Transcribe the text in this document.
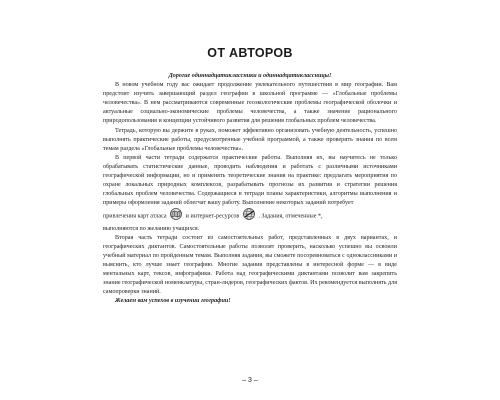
ОТ АВТОРОВ

Дорогие одиннадцатиклассники и одиннадцатиклассницы!

В новом учебном году вас ожидает продолжение увлекательного путешествия в мир географии. Вам предстоит изучить завершающий раздел географии в школьной программе — «Глобальные проблемы человечества». В нем рассматриваются современные геоэкологические проблемы географической оболочки и актуальные социально-экономические проблемы человечества, а также значение рационального природопользования и концепции устойчивого развития для решения глобальных проблем человечества.

Тетрадь, которую вы держите в руках, поможет эффективно организовать учебную деятельность, успешно выполнять практические работы, предусмотренные учебной программой, а также проверить знания по всем темам раздела «Глобальные проблемы человечества».

В первой части тетради содержатся практические работы. Выполняя их, вы научитесь не только обрабатывать статистические данные, проводить наблюдения и работать с различными источниками географической информации, но и применять теоретические знания на практике: предлагать мероприятия по охране локальных природных комплексов, разрабатывать прогнозы их развития и стратегии решения глобальных проблем человечества. Содержащиеся в тетради планы характеристики, алгоритмы выполнения и примеры оформления заданий облегчат вашу работу. Выполнение некоторых заданий потребует

привлечения карт атласа	и интернет-ресурсов	. Задания, отмеченные *,
выполняются по желанию учащихся.

Вторая часть тетради состоит из самостоятельных работ, представленных в двух вариантах, и географических диктантов. Самостоятельные работы позволят проверить, насколько успешно вы освоили учебный материал по пройденным темам. Выполняя задания, вы сможете посоревноваться с одноклассниками и выяснить, кто лучше знает географию. Многие задания представлены в интересной форме — в виде ментальных карт, тексов, инфографики. Работа над географическими диктантами позволит вам закрепить знание географической номенклатуры, стран-лидеров, географических фактов. Их рекомендуется выполнять для самопроверки знаний.

Желаем вам успехов в изучении географии!

– 3 –
